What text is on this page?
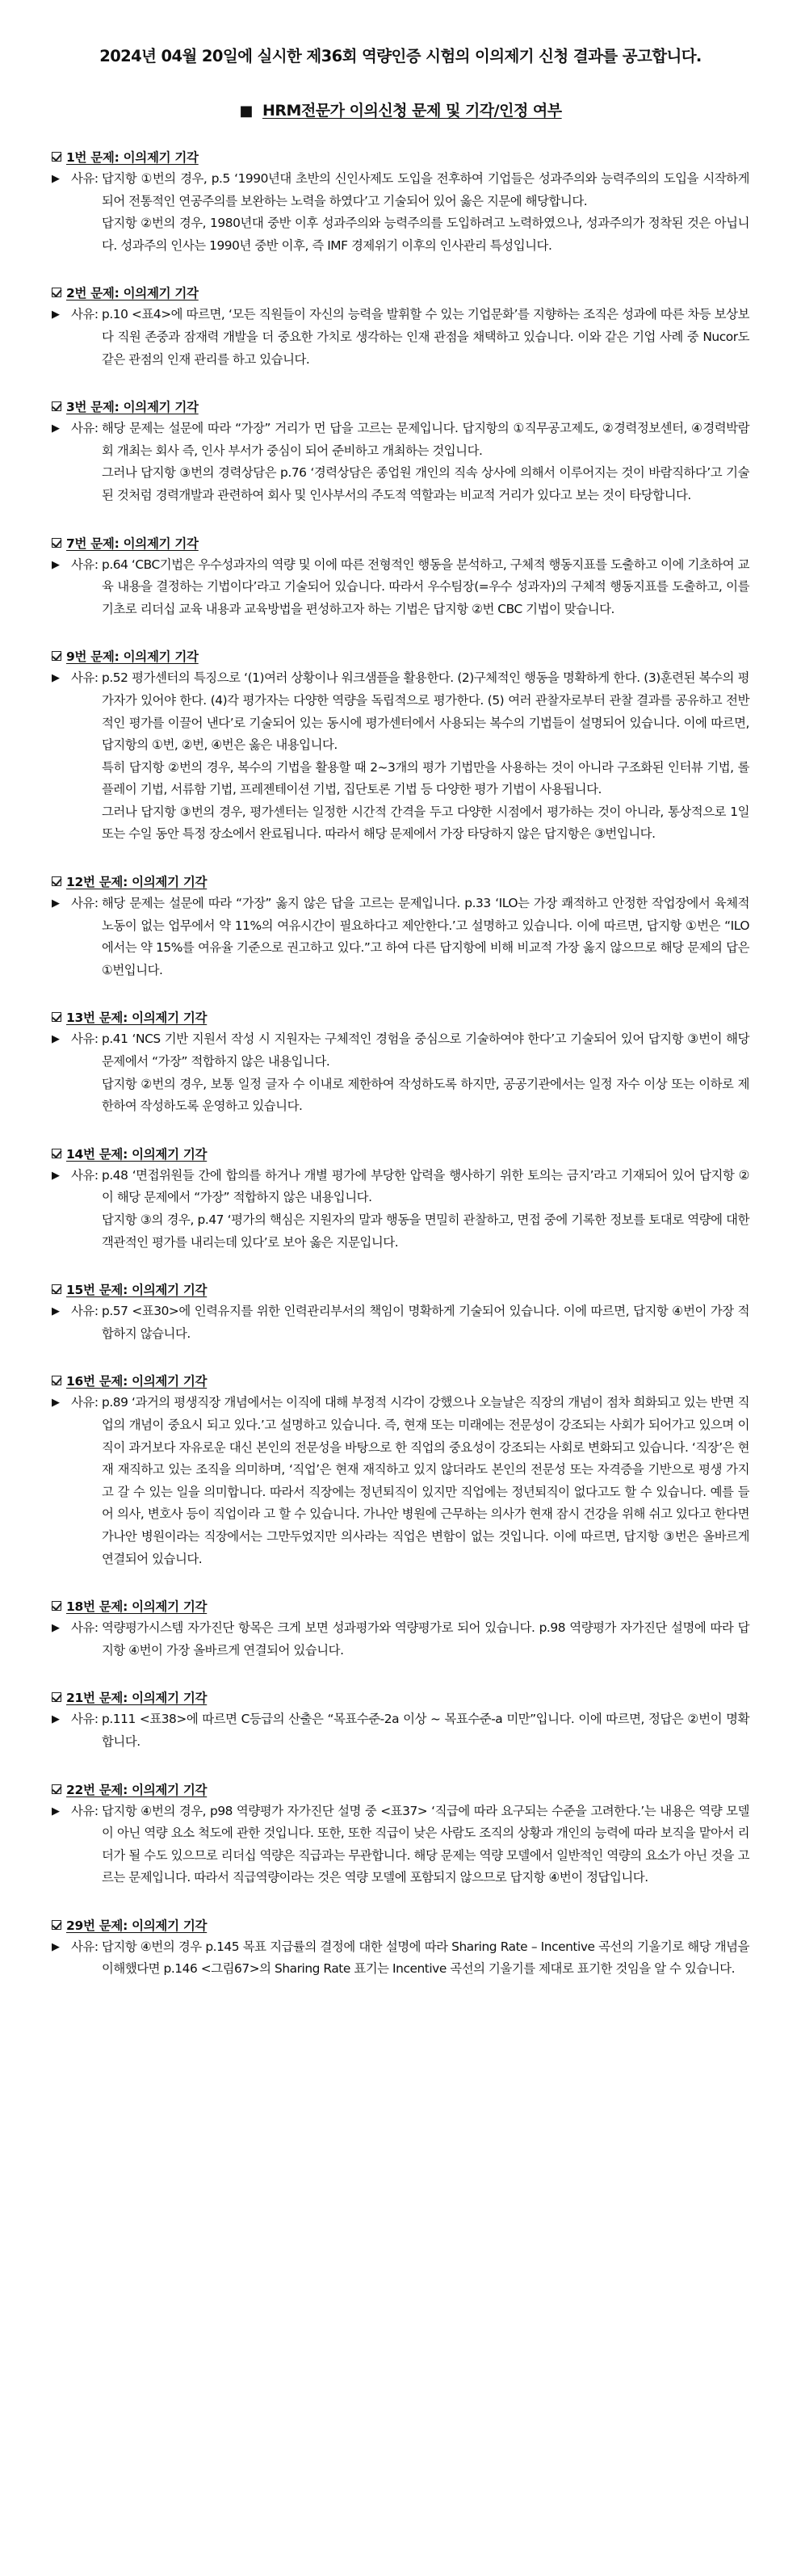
2024년 04월 20일에 실시한 제36회 역량인증 시험의 이의제기 신청 결과를 공고합니다.
■ HRM전문가 이의신청 문제 및 기각/인정 여부
1번 문제: 이의제기 기각
▶ 사유: 답지항 ①번의 경우, p.5 ‘1990년대 초반의 신인사제도 도입을 전후하여 기업들은 성과주의와 능력주의의 도입을 시작하게 되어 전통적인 연공주의를 보완하는 노력을 하였다’고 기술되어 있어 옳은 지문에 해당합니다.

답지항 ②번의 경우, 1980년대 중반 이후 성과주의와 능력주의를 도입하려고 노력하였으나, 성과주의가 정착된 것은 아닙니다. 성과주의 인사는 1990년 중반 이후, 즉 IMF 경제위기 이후의 인사관리 특성입니다.

2번 문제: 이의제기 기각
▶ 사유: p.10 <표4>에 따르면, ‘모든 직원들이 자신의 능력을 발휘할 수 있는 기업문화’를 지향하는 조직은 성과에 따른 차등 보상보다 직원 존중과 잠재력 개발을 더 중요한 가치로 생각하는 인재 관점을 채택하고 있습니다. 이와 같은 기업 사례 중 Nucor도 같은 관점의 인재 관리를 하고 있습니다.

3번 문제: 이의제기 기각
▶ 사유: 해당 문제는 설문에 따라 “가장” 거리가 먼 답을 고르는 문제입니다. 답지항의 ①직무공고제도, ②경력정보센터, ④경력박람회 개최는 회사 즉, 인사 부서가 중심이 되어 준비하고 개최하는 것입니다.

그러나 답지항 ③번의 경력상담은 p.76 ‘경력상담은 종업원 개인의 직속 상사에 의해서 이루어지는 것이 바람직하다’고 기술된 것처럼 경력개발과 관련하여 회사 및 인사부서의 주도적 역할과는 비교적 거리가 있다고 보는 것이 타당합니다.

7번 문제: 이의제기 기각
▶ 사유: p.64 ‘CBC기법은 우수성과자의 역량 및 이에 따른 전형적인 행동을 분석하고, 구체적 행동지표를 도출하고 이에 기초하여 교육 내용을 결정하는 기법이다’라고 기술되어 있습니다. 따라서 우수팀장(=우수 성과자)의 구체적 행동지표를 도출하고, 이를 기초로 리더십 교육 내용과 교육방법을 편성하고자 하는 기법은 답지항 ②번 CBC 기법이 맞습니다.

9번 문제: 이의제기 기각
▶ 사유: p.52 평가센터의 특징으로 ‘(1)여러 상황이나 워크샘플을 활용한다. (2)구체적인 행동을 명확하게 한다. (3)훈련된 복수의 평가자가 있어야 한다. (4)각 평가자는 다양한 역량을 독립적으로 평가한다. (5) 여러 관찰자로부터 관찰 결과를 공유하고 전반적인 평가를 이끌어 낸다’로 기술되어 있는 동시에 평가센터에서 사용되는 복수의 기법들이 설명되어 있습니다. 이에 따르면, 답지항의 ①번, ②번, ④번은 옳은 내용입니다.

특히 답지항 ②번의 경우, 복수의 기법을 활용할 때 2~3개의 평가 기법만을 사용하는 것이 아니라 구조화된 인터뷰 기법, 롤플레이 기법, 서류함 기법, 프레젠테이션 기법, 집단토론 기법 등 다양한 평가 기법이 사용됩니다.

그러나 답지항 ③번의 경우, 평가센터는 일정한 시간적 간격을 두고 다양한 시점에서 평가하는 것이 아니라, 통상적으로 1일 또는 수일 동안 특정 장소에서 완료됩니다. 따라서 해당 문제에서 가장 타당하지 않은 답지항은 ③번입니다.

12번 문제: 이의제기 기각
▶ 사유: 해당 문제는 설문에 따라 “가장” 옳지 않은 답을 고르는 문제입니다. p.33 ‘ILO는 가장 쾌적하고 안정한 작업장에서 육체적 노동이 없는 업무에서 약 11%의 여유시간이 필요하다고 제안한다.’고 설명하고 있습니다. 이에 따르면, 답지항 ①번은 “ILO에서는 약 15%를 여유율 기준으로 권고하고 있다.”고 하여 다른 답지항에 비해 비교적 가장 옳지 않으므로 해당 문제의 답은 ①번입니다.

13번 문제: 이의제기 기각
▶ 사유: p.41 ‘NCS 기반 지원서 작성 시 지원자는 구체적인 경험을 중심으로 기술하여야 한다’고 기술되어 있어 답지항 ③번이 해당 문제에서 “가장” 적합하지 않은 내용입니다.

답지항 ②번의 경우, 보통 일정 글자 수 이내로 제한하여 작성하도록 하지만, 공공기관에서는 일정 자수 이상 또는 이하로 제한하여 작성하도록 운영하고 있습니다.

14번 문제: 이의제기 기각
▶ 사유: p.48 ‘면접위원들 간에 합의를 하거나 개별 평가에 부당한 압력을 행사하기 위한 토의는 금지’라고 기재되어 있어 답지항 ②이 해당 문제에서 “가장” 적합하지 않은 내용입니다.

답지항 ③의 경우, p.47 ‘평가의 핵심은 지원자의 말과 행동을 면밀히 관찰하고, 면접 중에 기록한 정보를 토대로 역량에 대한 객관적인 평가를 내리는데 있다’로 보아 옳은 지문입니다.

15번 문제: 이의제기 기각
▶ 사유: p.57 <표30>에 인력유지를 위한 인력관리부서의 책임이 명확하게 기술되어 있습니다. 이에 따르면, 답지항 ④번이 가장 적합하지 않습니다.

16번 문제: 이의제기 기각
▶ 사유: p.89 ‘과거의 평생직장 개념에서는 이직에 대해 부정적 시각이 강했으나 오늘날은 직장의 개념이 점차 희화되고 있는 반면 직업의 개념이 중요시 되고 있다.’고 설명하고 있습니다. 즉, 현재 또는 미래에는 전문성이 강조되는 사회가 되어가고 있으며 이직이 과거보다 자유로운 대신 본인의 전문성을 바탕으로 한 직업의 중요성이 강조되는 사회로 변화되고 있습니다. ‘직장’은 현재 재직하고 있는 조직을 의미하며, ‘직업’은 현재 재직하고 있지 않더라도 본인의 전문성 또는 자격증을 기반으로 평생 가지고 갈 수 있는 일을 의미합니다. 따라서 직장에는 정년퇴직이 있지만 직업에는 정년퇴직이 없다고도 할 수 있습니다. 예를 들어 의사, 변호사 등이 직업이라 고 할 수 있습니다. 가나안 병원에 근무하는 의사가 현재 잠시 건강을 위해 쉬고 있다고 한다면 가나안 병원이라는 직장에서는 그만두었지만 의사라는 직업은 변함이 없는 것입니다. 이에 따르면, 답지항 ③번은 올바르게 연결되어 있습니다.

18번 문제: 이의제기 기각
▶ 사유: 역량평가시스템 자가진단 항목은 크게 보면 성과평가와 역량평가로 되어 있습니다. p.98 역량평가 자가진단 설명에 따라 답지항 ④번이 가장 올바르게 연결되어 있습니다.

21번 문제: 이의제기 기각
▶ 사유: p.111 <표38>에 따르면 C등급의 산출은 “목표수준-2a 이상 ~ 목표수준-a 미만”입니다. 이에 따르면, 정답은 ②번이 명확합니다.

22번 문제: 이의제기 기각
▶ 사유: 답지항 ④번의 경우, p98 역량평가 자가진단 설명 중 <표37> ‘직급에 따라 요구되는 수준을 고려한다.’는 내용은 역량 모델이 아닌 역량 요소 척도에 관한 것입니다. 또한, 또한 직급이 낮은 사람도 조직의 상황과 개인의 능력에 따라 보직을 맡아서 리더가 될 수도 있으므로 리더십 역량은 직급과는 무관합니다. 해당 문제는 역량 모델에서 일반적인 역량의 요소가 아닌 것을 고르는 문제입니다. 따라서 직급역량이라는 것은 역량 모델에 포함되지 않으므로 답지항 ④번이 정답입니다.

29번 문제: 이의제기 기각
▶ 사유: 답지항 ④번의 경우 p.145 목표 지급률의 결정에 대한 설명에 따라 Sharing Rate – Incentive 곡선의 기울기로 해당 개념을 이해했다면 p.146 <그림67>의 Sharing Rate 표기는 Incentive 곡선의 기울기를 제대로 표기한 것임을 알 수 있습니다.
